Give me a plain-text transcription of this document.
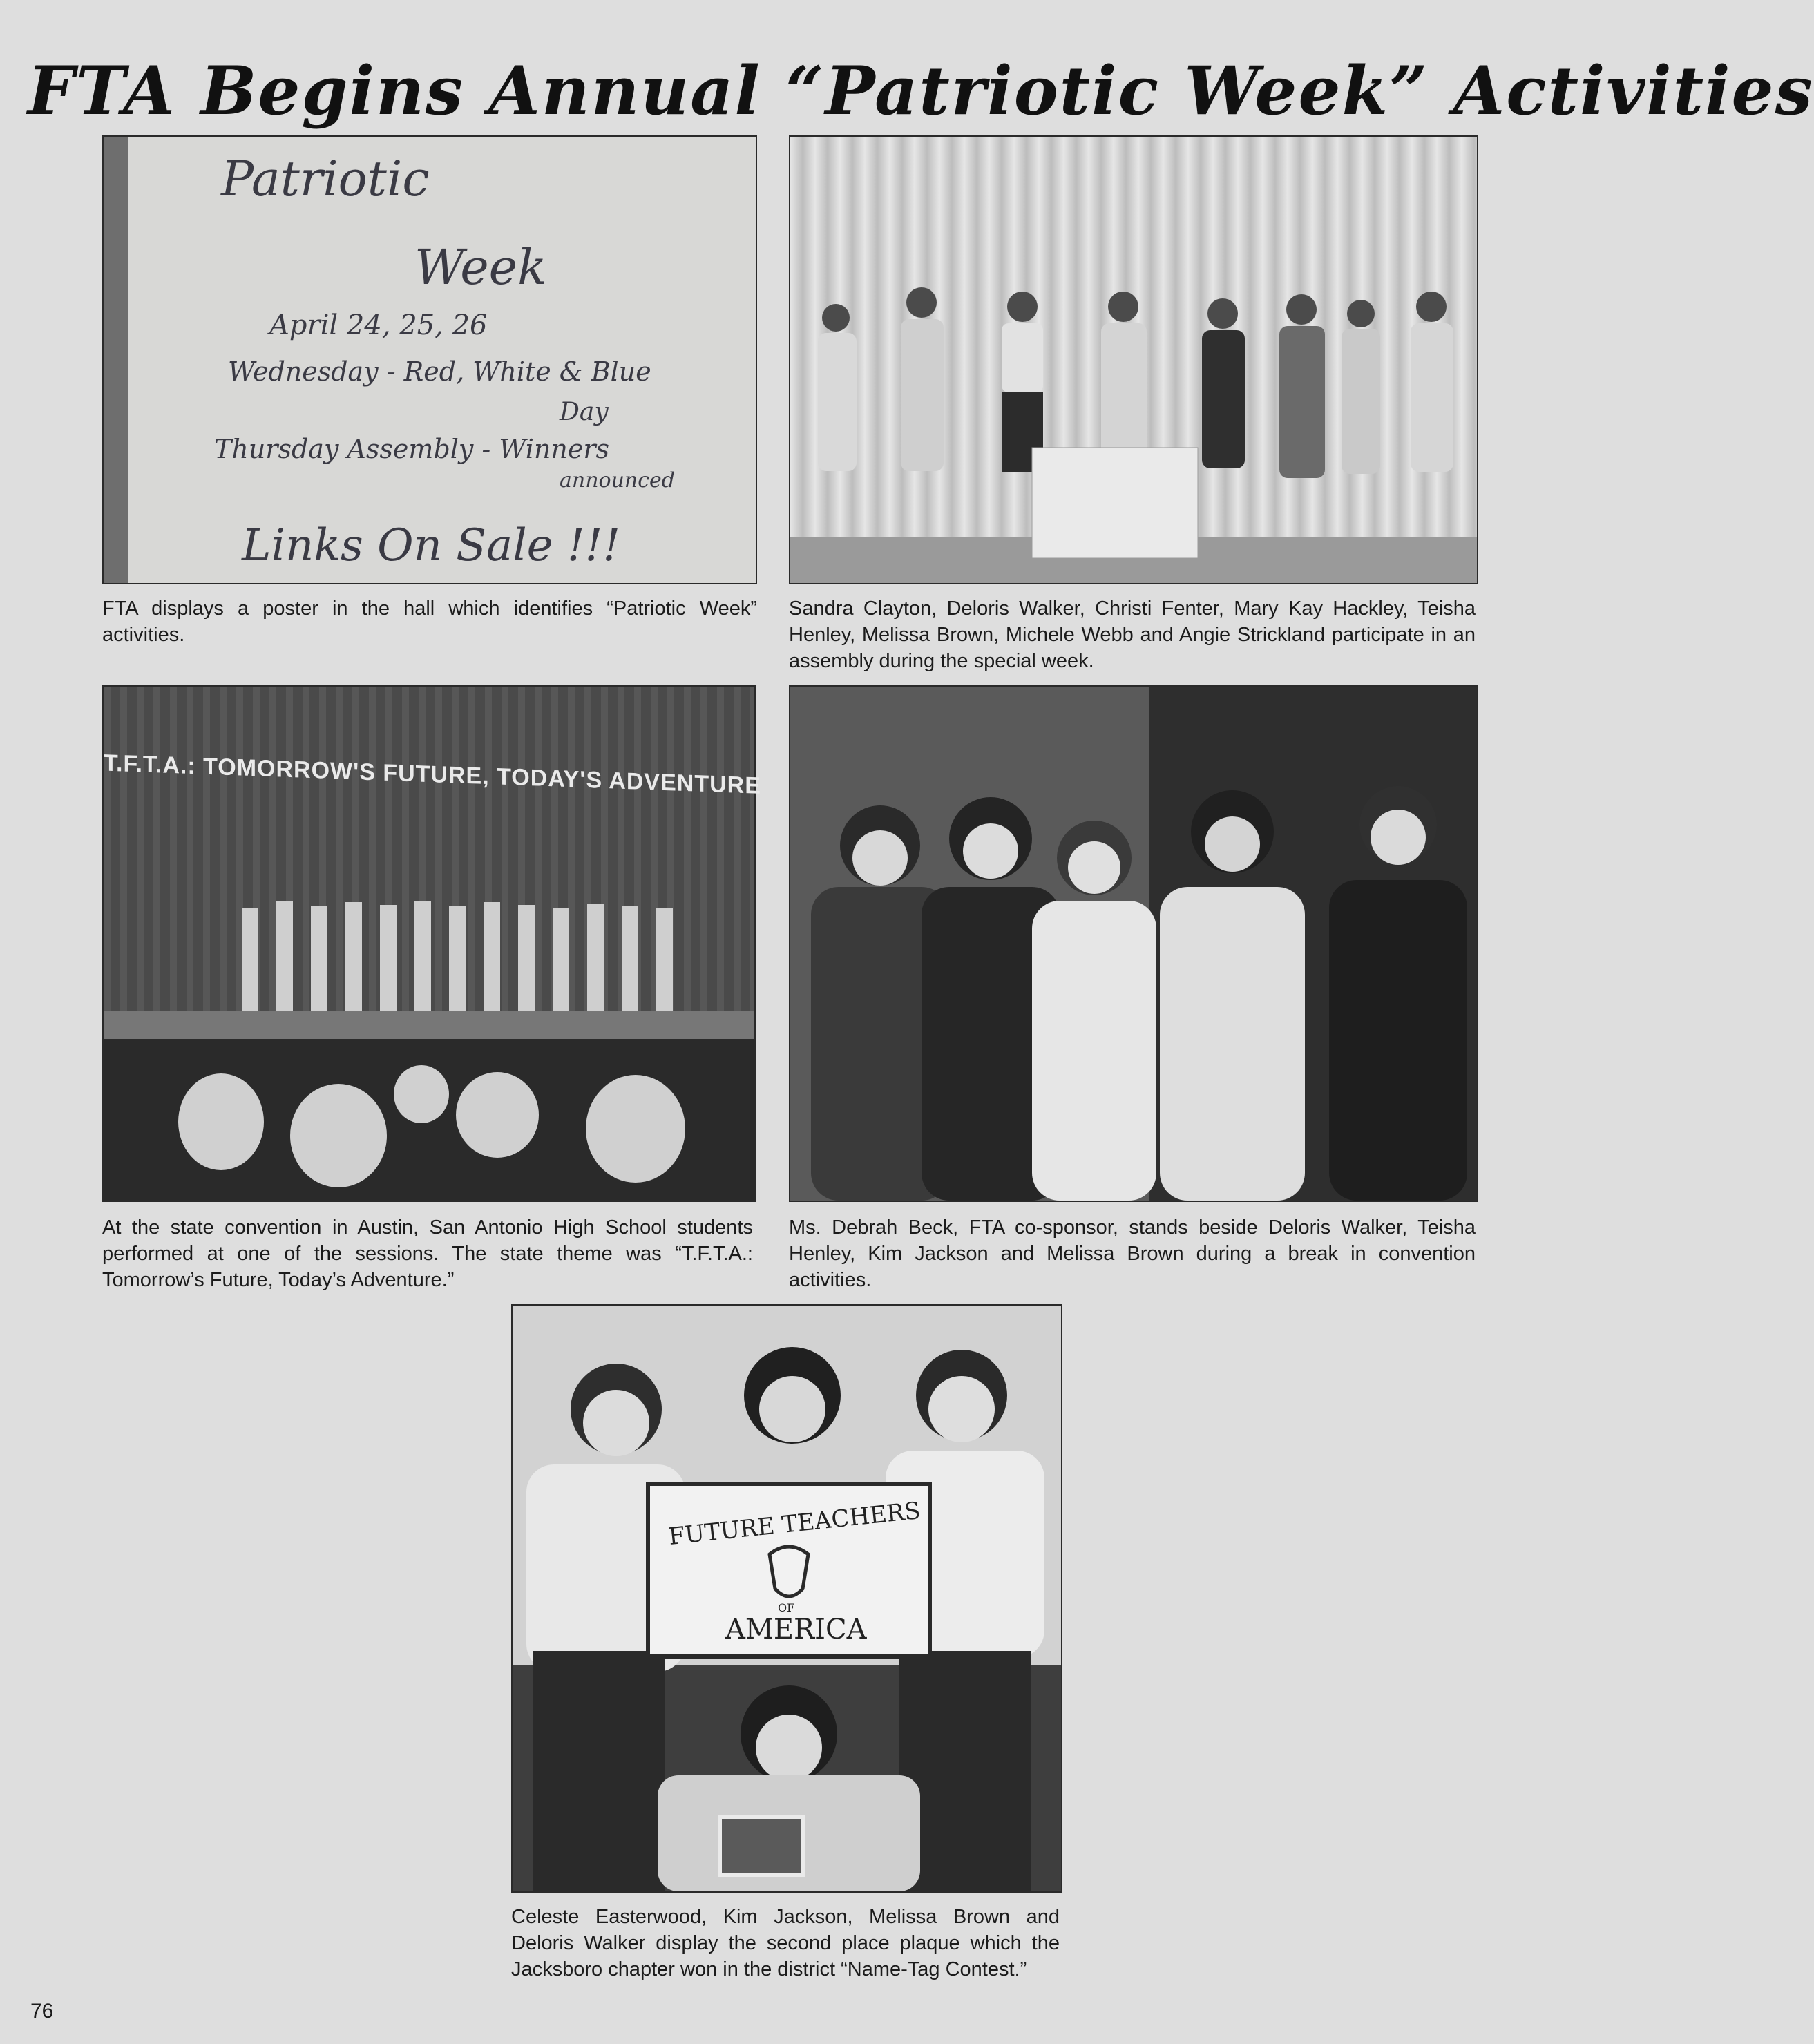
FTA Begins Annual “Patriotic Week” Activities
Patriotic
Week
April 24, 25, 26
Wednesday - Red, White & Blue
Day
Thursday Assembly - Winners
announced
Links On Sale !!!
FTA displays a poster in the hall which identifies “Patriotic Week” activities.
Sandra Clayton, Deloris Walker, Christi Fenter, Mary Kay Hackley, Teisha Henley, Melissa Brown, Michele Webb and Angie Strickland participate in an assembly during the special week.
T.F.T.A.: TOMORROW'S FUTURE, TODAY'S ADVENTURE
At the state convention in Austin, San Antonio High School students performed at one of the sessions. The state theme was “T.F.T.A.: Tomorrow’s Future, Today’s Adventure.”
Ms. Debrah Beck, FTA co-sponsor, stands beside Deloris Walker, Teisha Henley, Kim Jackson and Melissa Brown during a break in convention activities.
FUTURE TEACHERS
OF
AMERICA
Celeste Easterwood, Kim Jackson, Melissa Brown and Deloris Walker display the second place plaque which the Jacksboro chapter won in the district “Name-Tag Contest.”
76
